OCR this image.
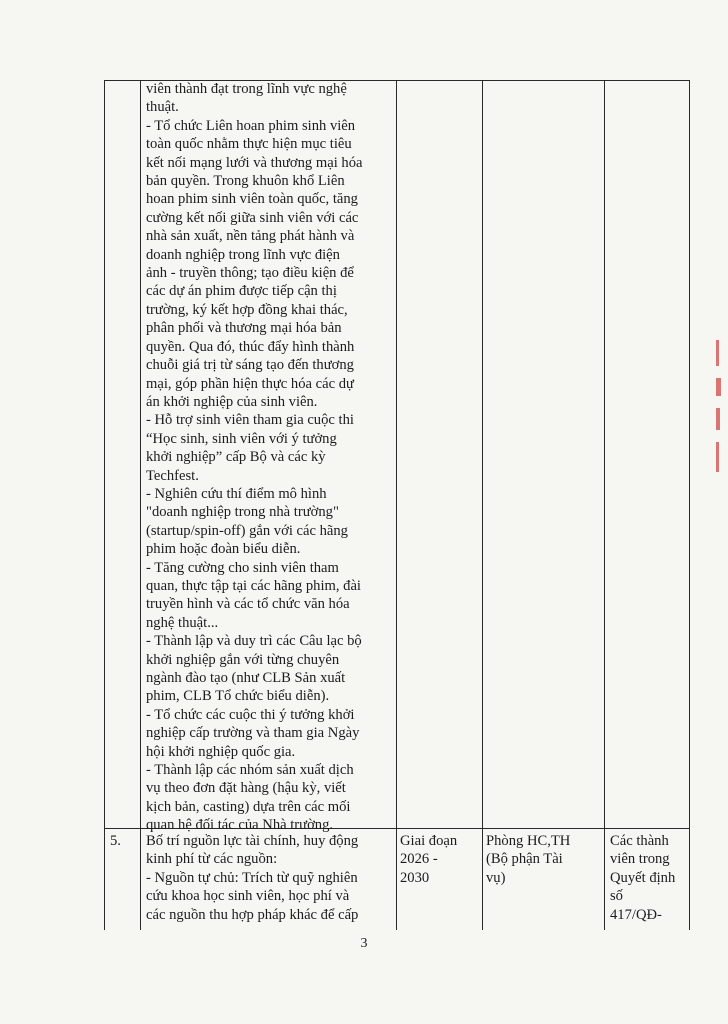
viên thành đạt trong lĩnh vực nghệ
thuật.
- Tổ chức Liên hoan phim sinh viên
toàn quốc nhằm thực hiện mục tiêu
kết nối mạng lưới và thương mại hóa
bản quyền. Trong khuôn khổ Liên
hoan phim sinh viên toàn quốc, tăng
cường kết nối giữa sinh viên với các
nhà sản xuất, nền tảng phát hành và
doanh nghiệp trong lĩnh vực điện
ảnh - truyền thông; tạo điều kiện để
các dự án phim được tiếp cận thị
trường, ký kết hợp đồng khai thác,
phân phối và thương mại hóa bản
quyền. Qua đó, thúc đẩy hình thành
chuỗi giá trị từ sáng tạo đến thương
mại, góp phần hiện thực hóa các dự
án khởi nghiệp của sinh viên.
- Hỗ trợ sinh viên tham gia cuộc thi
“Học sinh, sinh viên với ý tưởng
khởi nghiệp” cấp Bộ và các kỳ
Techfest.
- Nghiên cứu thí điểm mô hình
"doanh nghiệp trong nhà trường"
(startup/spin-off) gắn với các hãng
phim hoặc đoàn biểu diễn.
- Tăng cường cho sinh viên tham
quan, thực tập tại các hãng phim, đài
truyền hình và các tổ chức văn hóa
nghệ thuật...
- Thành lập và duy trì các Câu lạc bộ
khởi nghiệp gắn với từng chuyên
ngành đào tạo (như CLB Sản xuất
phim, CLB Tổ chức biểu diễn).
- Tổ chức các cuộc thi ý tưởng khởi
nghiệp cấp trường và tham gia Ngày
hội khởi nghiệp quốc gia.
- Thành lập các nhóm sản xuất dịch
vụ theo đơn đặt hàng (hậu kỳ, viết
kịch bản, casting) dựa trên các mối
quan hệ đối tác của Nhà trường.
5.	Bố trí nguồn lực tài chính, huy động
kinh phí từ các nguồn:
- Nguồn tự chủ: Trích từ quỹ nghiên
cứu khoa học sinh viên, học phí và
các nguồn thu hợp pháp khác để cấp
Giai đoạn
2026 -
2030
Phòng HC,TH
(Bộ phận Tài
vụ)
Các thành
viên trong
Quyết định
số
417/QĐ-
3
